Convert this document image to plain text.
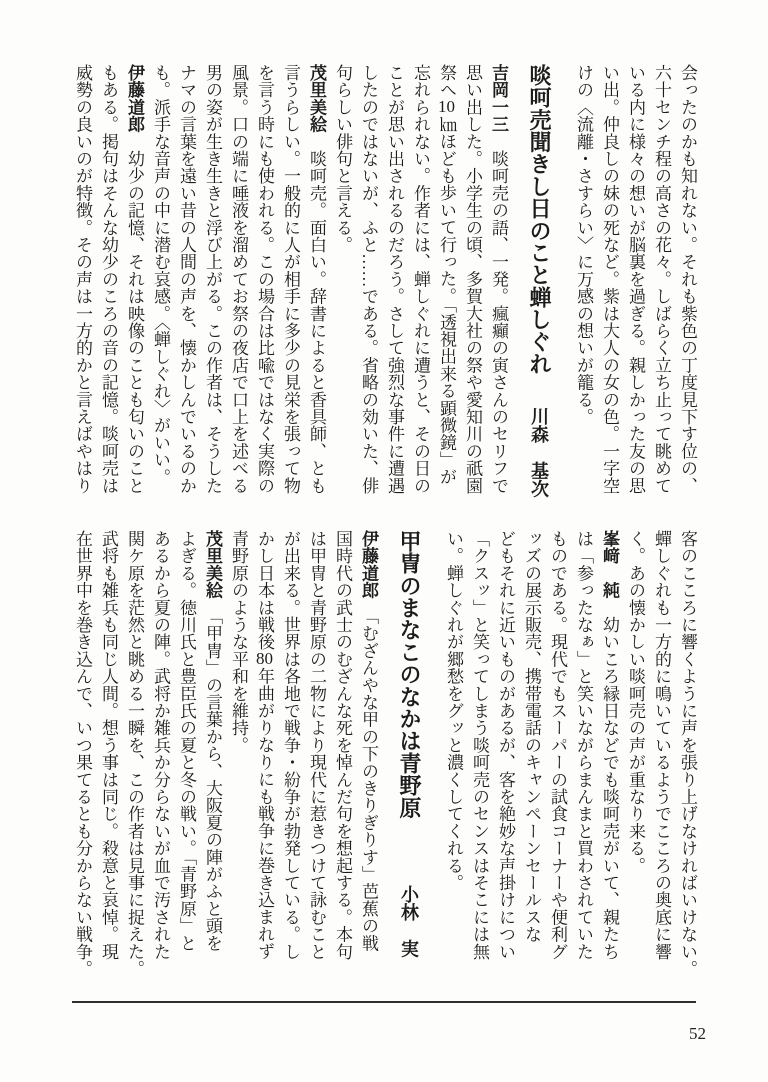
会ったのかも知れない。それも紫色の丁度見下す位の、
六十センチ程の高さの花々。しばらく立ち止って眺めて
いる内に様々の想いが脳裏を過ぎる。親しかった友の思
い出。仲良しの妹の死など。紫は大人の女の色。一字空
けの〈流離・さすらい〉に万感の想いが籠る。
啖呵売聞きし日のこと蝉しぐれ
川森　基次
吉岡一三　啖呵売の語、一発。瘋癲の寅さんのセリフで
思い出した。小学生の頃、多賀大社の祭や愛知川の祇園
祭へ10㎞ほども歩いて行った。「透視出来る顕微鏡」が
忘れられない。作者には、蝉しぐれに遭うと、その日の
ことが思い出されるのだろう。さして強烈な事件に遭遇
したのではないが、ふと……である。省略の効いた、俳
句らしい俳句と言える。
茂里美絵　啖呵売。面白い。辞書によると香具師、とも
言うらしい。一般的に人が相手に多少の見栄を張って物
を言う時にも使われる。この場合は比喩ではなく実際の
風景。口の端に唾液を溜めてお祭の夜店で口上を述べる
男の姿が生き生きと浮び上がる。この作者は、そうした
ナマの言葉を遠い昔の人間の声を、懐かしんでいるのか
も。派手な音声の中に潜む哀感。〈蝉しぐれ〉がいい。
伊藤道郎　幼少の記憶、それは映像のことも匂いのこと
もある。掲句はそんな幼少のころの音の記憶。啖呵売は
威勢の良いのが特徴。その声は一方的かと言えばやはり
客のこころに響くように声を張り上げなければいけない。
蟬しぐれも一方的に鳴いているようでこころの奥底に響
く。あの懐かしい啖呵売の声が重なり来る。
峯﨑　純　幼いころ縁日などでも啖呵売がいて、親たち
は「参ったなぁ」と笑いながらまんまと買わされていた
ものである。現代でもスーパーの試食コーナーや便利グ
ッズの展示販売、携帯電話のキャンペーンセールスな
どもそれに近いものがあるが、客を絶妙な声掛けについ
「クスッ」と笑ってしまう啖呵売のセンスはそこには無
い。蝉しぐれが郷愁をグッと濃くしてくれる。
甲冑のまなこのなかは青野原
小林　実
伊藤道郎　「むざんやな甲の下のきりぎりす」芭蕉の戦
国時代の武士のむざんな死を悼んだ句を想起する。本句
は甲冑と青野原の二物により現代に惹きつけて詠むこと
が出来る。世界は各地で戦争・紛争が勃発している。し
かし日本は戦後80年曲がりなりにも戦争に巻き込まれず
青野原のような平和を維持。
茂里美絵　「甲冑」の言葉から、大阪夏の陣がふと頭を
よぎる。徳川氏と豊臣氏の夏と冬の戦い。「青野原」と
あるから夏の陣。武将か雑兵か分らないが血で汚された
関ケ原を茫然と眺める一瞬を、この作者は見事に捉えた。
武将も雑兵も同じ人間。想う事は同じ。殺意と哀悼。現
在世界中を巻き込んで、いつ果てるとも分からない戦争。
52
